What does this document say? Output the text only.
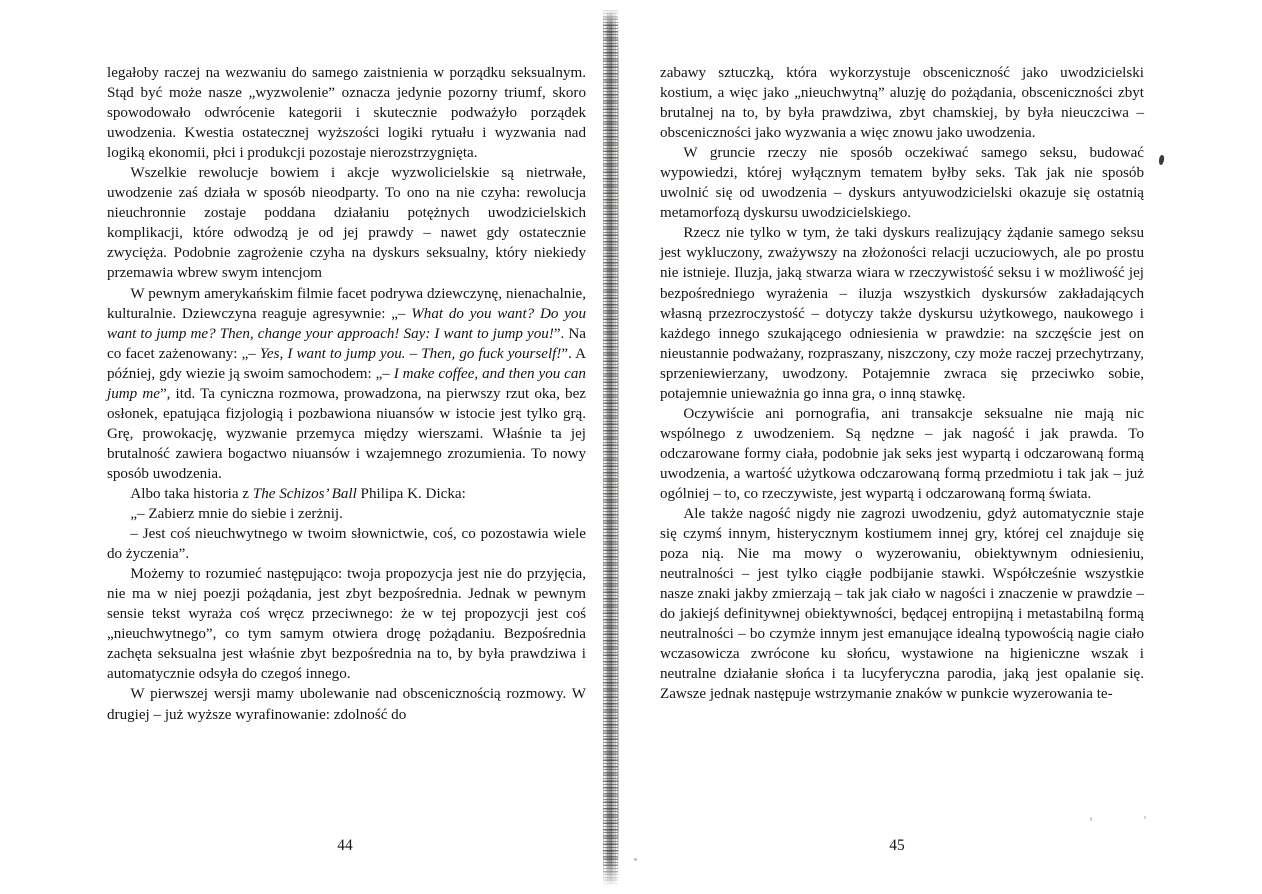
legałoby raczej na wezwaniu do samego zaistnienia w porządku seksualnym. Stąd być może nasze „wyzwolenie” oznacza jedynie pozorny triumf, skoro spowodowało odwrócenie kategorii i skutecznie podważyło porządek uwodzenia. Kwestia ostatecznej wyższości logiki rytuału i wyzwania nad logiką ekonomii, płci i produkcji pozostaje nierozstrzygnięta.

Wszelkie rewolucje bowiem i akcje wyzwolicielskie są nietrwałe, uwodzenie zaś działa w sposób nieodparty. To ono na nie czyha: rewolucja nieuchronnie zostaje poddana działaniu potężnych uwodzicielskich komplikacji, które odwodzą je od jej prawdy – nawet gdy ostatecznie zwycięża. Podobnie zagrożenie czyha na dyskurs seksualny, który niekiedy przemawia wbrew swym intencjom

W pewnym amerykańskim filmie facet podrywa dziewczynę, nienachalnie, kulturalnie. Dziewczyna reaguje agresywnie: „– What do you want? Do you want to jump me? Then, change your approach! Say: I want to jump you!”. Na co facet zażenowany: „– Yes, I want to jump you. – Then, go fuck yourself!”. A później, gdy wiezie ją swoim samochodem: „– I make coffee, and then you can jump me”, itd. Ta cyniczna rozmowa, prowadzona, na pierwszy rzut oka, bez osłonek, epatująca fizjologią i pozbawiona niuansów w istocie jest tylko grą. Grę, prowokację, wyzwanie przemyca między wierszami. Właśnie ta jej brutalność zawiera bogactwo niuansów i wzajemnego zrozumienia. To nowy sposób uwodzenia.

Albo taka historia z The Schizos’ Ball Philipa K. Dicka:

„– Zabierz mnie do siebie i zerżnij.

– Jest coś nieuchwytnego w twoim słownictwie, coś, co pozostawia wiele do życzenia”.

Możemy to rozumieć następująco: twoja propozycja jest nie do przyjęcia, nie ma w niej poezji pożądania, jest zbyt bezpośrednia. Jednak w pewnym sensie tekst wyraża coś wręcz przeciwnego: że w tej propozycji jest coś „nieuchwytnego”, co tym samym otwiera drogę pożądaniu. Bezpośrednia zachęta seksualna jest właśnie zbyt bezpośrednia na to, by była prawdziwa i automatycznie odsyła do czegoś innego.

W pierwszej wersji mamy ubolewanie nad obscenicznością rozmowy. W drugiej – już wyższe wyrafinowanie: zdolność do

44

zabawy sztuczką, która wykorzystuje obsceniczność jako uwodzicielski kostium, a więc jako „nieuchwytną” aluzję do pożądania, obsceniczności zbyt brutalnej na to, by była prawdziwa, zbyt chamskiej, by była nieuczciwa – obsceniczności jako wyzwania a więc znowu jako uwodzenia.

W gruncie rzeczy nie sposób oczekiwać samego seksu, budować wypowiedzi, której wyłącznym tematem byłby seks. Tak jak nie sposób uwolnić się od uwodzenia – dyskurs antyuwodzicielski okazuje się ostatnią metamorfozą dyskursu uwodzicielskiego.

Rzecz nie tylko w tym, że taki dyskurs realizujący żądanie samego seksu jest wykluczony, zważywszy na złożoności relacji uczuciowych, ale po prostu nie istnieje. Iluzja, jaką stwarza wiara w rzeczywistość seksu i w możliwość jej bezpośredniego wyrażenia – iluzja wszystkich dyskursów zakładających własną przezroczystość – dotyczy także dyskursu użytkowego, naukowego i każdego innego szukającego odniesienia w prawdzie: na szczęście jest on nieustannie podważany, rozpraszany, niszczony, czy może raczej przechytrzany, sprzeniewierzany, uwodzony. Potajemnie zwraca się przeciwko sobie, potajemnie unieważnia go inna gra, o inną stawkę.

Oczywiście ani pornografia, ani transakcje seksualne nie mają nic wspólnego z uwodzeniem. Są nędzne – jak nagość i jak prawda. To odczarowane formy ciała, podobnie jak seks jest wypartą i odczarowaną formą uwodzenia, a wartość użytkowa odczarowaną formą przedmiotu i tak jak – już ogólniej – to, co rzeczywiste, jest wypartą i odczarowaną formą świata.

Ale także nagość nigdy nie zagrozi uwodzeniu, gdyż automatycznie staje się czymś innym, histerycznym kostiumem innej gry, której cel znajduje się poza nią. Nie ma mowy o wyzerowaniu, obiektywnym odniesieniu, neutralności – jest tylko ciągłe podbijanie stawki. Współcześnie wszystkie nasze znaki jakby zmierzają – tak jak ciało w nagości i znaczenie w prawdzie – do jakiejś definitywnej obiektywności, będącej entropijną i metastabilną formą neutralności – bo czymże innym jest emanujące idealną typowością nagie ciało wczasowicza zwrócone ku słońcu, wystawione na higieniczne wszak i neutralne działanie słońca i ta lucyferyczna parodia, jaką jest opalanie się. Zawsze jednak następuje wstrzymanie znaków w punkcie wyzerowania te-

45
